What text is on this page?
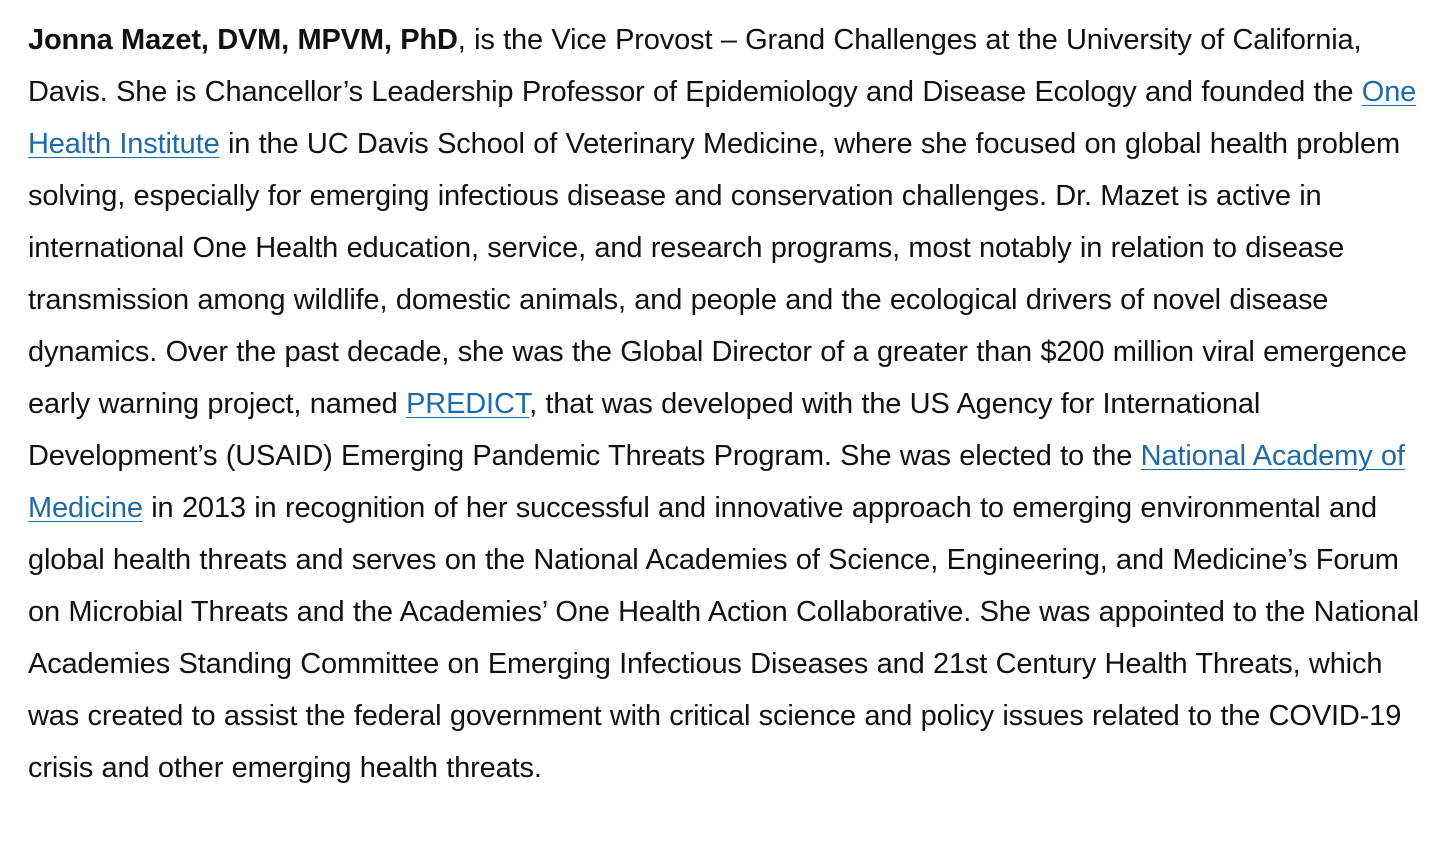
Jonna Mazet, DVM, MPVM, PhD, is the Vice Provost – Grand Challenges at the University of California, Davis. She is Chancellor’s Leadership Professor of Epidemiology and Disease Ecology and founded the One Health Institute in the UC Davis School of Veterinary Medicine, where she focused on global health problem solving, especially for emerging infectious disease and conservation challenges. Dr. Mazet is active in international One Health education, service, and research programs, most notably in relation to disease transmission among wildlife, domestic animals, and people and the ecological drivers of novel disease dynamics. Over the past decade, she was the Global Director of a greater than $200 million viral emergence early warning project, named PREDICT, that was developed with the US Agency for International Development’s (USAID) Emerging Pandemic Threats Program. She was elected to the National Academy of Medicine in 2013 in recognition of her successful and innovative approach to emerging environmental and global health threats and serves on the National Academies of Science, Engineering, and Medicine’s Forum on Microbial Threats and the Academies’ One Health Action Collaborative. She was appointed to the National Academies Standing Committee on Emerging Infectious Diseases and 21st Century Health Threats, which was created to assist the federal government with critical science and policy issues related to the COVID-19 crisis and other emerging health threats.
